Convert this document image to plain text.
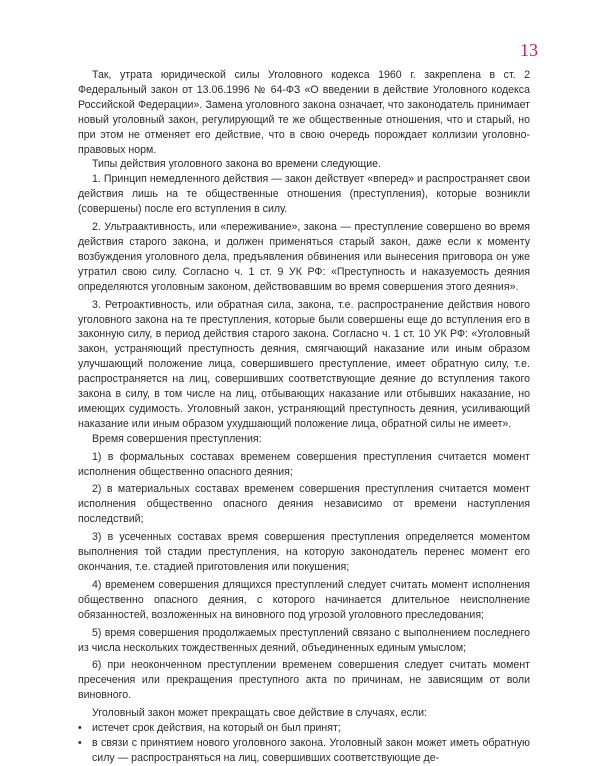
13

Так, утрата юридической силы Уголовного кодекса 1960 г. закреплена в ст. 2 Федеральный закон от 13.06.1996 № 64-ФЗ «О введении в действие Уголовного кодекса Российской Федерации». Замена уголовного закона означает, что законодатель принимает новый уголовный закон, регулирующий те же общественные отношения, что и старый, но при этом не отменяет его действие, что в свою очередь порождает коллизии уголовно-правовых норм.

Типы действия уголовного закона во времени следующие.

1. Принцип немедленного действия — закон действует «вперед» и распространяет свои действия лишь на те общественные отношения (преступления), которые возникли (совершены) после его вступления в силу.

2. Ультраактивность, или «переживание», закона — преступление совершено во время действия старого закона, и должен применяться старый закон, даже если к моменту возбуждения уголовного дела, предъявления обвинения или вынесения приговора он уже утратил свою силу. Согласно ч. 1 ст. 9 УК РФ: «Преступность и наказуемость деяния определяются уголовным законом, действовавшим во время совершения этого деяния».

3. Ретроактивность, или обратная сила, закона, т.е. распространение действия нового уголовного закона на те преступления, которые были совершены еще до вступления его в законную силу, в период действия старого закона. Согласно ч. 1 ст. 10 УК РФ: «Уголовный закон, устраняющий преступность деяния, смягчающий наказание или иным образом улучшающий положение лица, совершившего преступление, имеет обратную силу, т.е. распространяется на лиц, совершивших соответствующие деяние до вступления такого закона в силу, в том числе на лиц, отбывающих наказание или отбывших наказание, но имеющих судимость. Уголовный закон, устраняющий преступность деяния, усиливающий наказание или иным образом ухудшающий положение лица, обратной силы не имеет».

Время совершения преступления:

1) в формальных составах временем совершения преступления считается момент исполнения общественно опасного деяния;

2) в материальных составах временем совершения преступления считается момент исполнения общественно опасного деяния независимо от времени наступления последствий;

3) в усеченных составах время совершения преступления определяется моментом выполнения той стадии преступления, на которую законодатель перенес момент его окончания, т.е. стадией приготовления или покушения;

4) временем совершения длящихся преступлений следует считать момент исполнения общественно опасного деяния, с которого начинается длительное неисполнение обязанностей, возложенных на виновного под угрозой уголовного преследования;

5) время совершения продолжаемых преступлений связано с выполнением последнего из числа нескольких тождественных деяний, объединенных единым умыслом;

6) при неоконченном преступлении временем совершения следует считать момент пресечения или прекращения преступного акта по причинам, не зависящим от воли виновного.

Уголовный закон может прекращать свое действие в случаях, если:

• истечет срок действия, на который он был принят;

• в связи с принятием нового уголовного закона. Уголовный закон может иметь обратную силу — распространяться на лиц, совершивших соответствующие де-
